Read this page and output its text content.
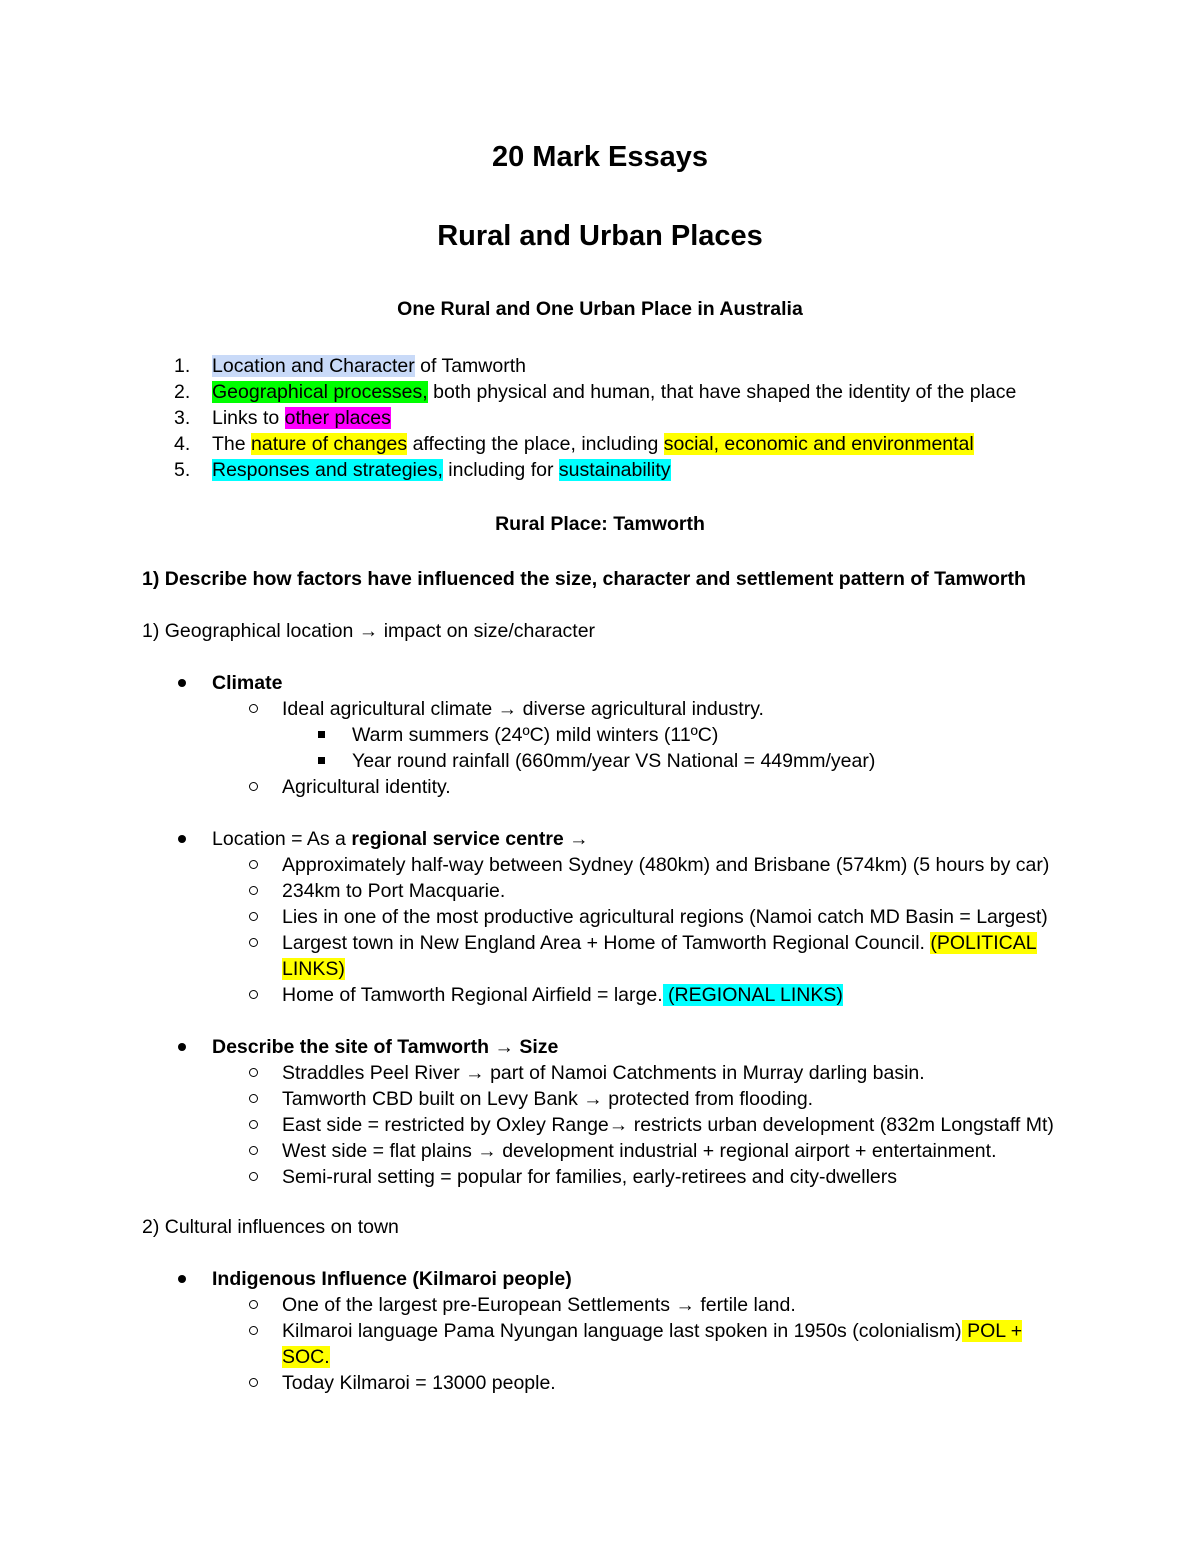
20 Mark Essays
Rural and Urban Places
One Rural and One Urban Place in Australia
1. Location and Character of Tamworth
2. Geographical processes, both physical and human, that have shaped the identity of the place
3. Links to other places
4. The nature of changes affecting the place, including social, economic and environmental
5. Responses and strategies, including for sustainability
Rural Place: Tamworth
1) Describe how factors have influenced the size, character and settlement pattern of Tamworth
1) Geographical location → impact on size/character
Climate
Ideal agricultural climate → diverse agricultural industry.
Warm summers (24ºC) mild winters (11ºC)
Year round rainfall (660mm/year VS National = 449mm/year)
Agricultural identity.
Location = As a regional service centre →
Approximately half-way between Sydney (480km) and Brisbane (574km) (5 hours by car)
234km to Port Macquarie.
Lies in one of the most productive agricultural regions (Namoi catch MD Basin = Largest)
Largest town in New England Area + Home of Tamworth Regional Council. (POLITICAL
LINKS)
Home of Tamworth Regional Airfield = large. (REGIONAL LINKS)
Describe the site of Tamworth → Size
Straddles Peel River → part of Namoi Catchments in Murray darling basin.
Tamworth CBD built on Levy Bank → protected from flooding.
East side = restricted by Oxley Range→ restricts urban development (832m Longstaff Mt)
West side = flat plains → development industrial + regional airport + entertainment.
Semi-rural setting = popular for families, early-retirees and city-dwellers
2) Cultural influences on town
Indigenous Influence (Kilmaroi people)
One of the largest pre-European Settlements → fertile land.
Kilmaroi language Pama Nyungan language last spoken in 1950s (colonialism) POL +
SOC.
Today Kilmaroi = 13000 people.
